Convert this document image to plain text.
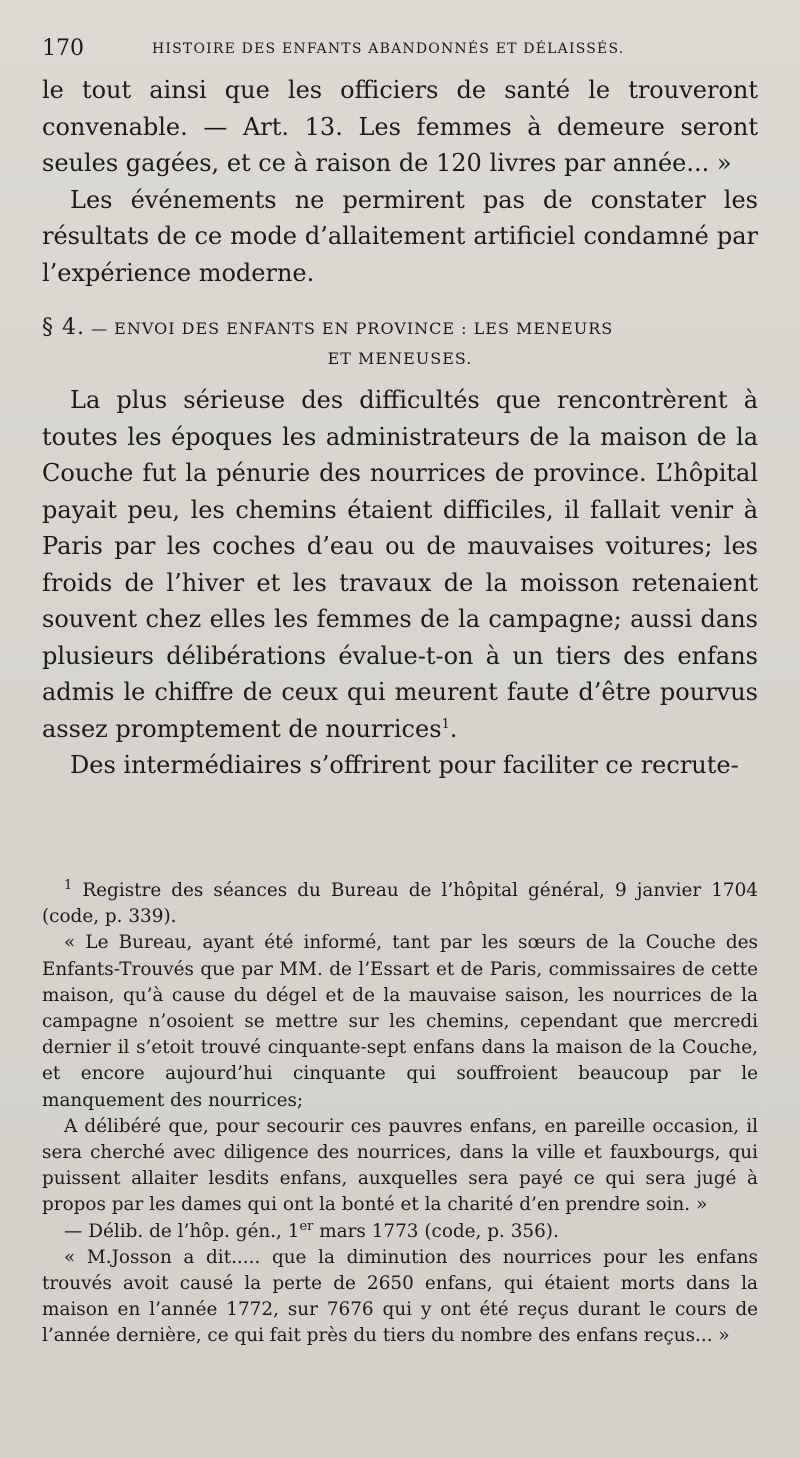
170	HISTOIRE DES ENFANTS ABANDONNÉS ET DÉLAISSÉS.

le tout ainsi que les officiers de santé le trouveront convenable. — Art. 13. Les femmes à demeure seront seules gagées, et ce à raison de 120 livres par année... »

Les événements ne permirent pas de constater les résultats de ce mode d’allaitement artificiel condamné par l’expérience moderne.

§ 4. — ENVOI DES ENFANTS EN PROVINCE : LES MENEURS
ET MENEUSES.

La plus sérieuse des difficultés que rencontrèrent à toutes les époques les administrateurs de la maison de la Couche fut la pénurie des nourrices de province. L’hôpital payait peu, les chemins étaient difficiles, il fallait venir à Paris par les coches d’eau ou de mauvaises voitures; les froids de l’hiver et les travaux de la moisson retenaient souvent chez elles les femmes de la campagne; aussi dans plusieurs délibérations évalue-t-on à un tiers des enfans admis le chiffre de ceux qui meurent faute d’être pourvus assez promptement de nourrices$^1$.

Des intermédiaires s’offrirent pour faciliter ce recrute-

$^1$ Registre des séances du Bureau de l’hôpital général, 9 janvier 1704 (code, p. 339).

« Le Bureau, ayant été informé, tant par les sœurs de la Couche des Enfants-Trouvés que par MM. de l’Essart et de Paris, commissaires de cette maison, qu’à cause du dégel et de la mauvaise saison, les nourrices de la campagne n’osoient se mettre sur les chemins, cependant que mercredi dernier il s’etoit trouvé cinquante-sept enfans dans la maison de la Couche, et encore aujourd’hui cinquante qui souffroient beaucoup par le manquement des nourrices;

A délibéré que, pour secourir ces pauvres enfans, en pareille occasion, il sera cherché avec diligence des nourrices, dans la ville et fauxbourgs, qui puissent allaiter lesdits enfans, auxquelles sera payé ce qui sera jugé à propos par les dames qui ont la bonté et la charité d’en prendre soin. »

— Délib. de l’hôp. gén., 1er mars 1773 (code, p. 356).

« M.Josson a dit..... que la diminution des nourrices pour les enfans trouvés avoit causé la perte de 2650 enfans, qui étaient morts dans la maison en l’année 1772, sur 7676 qui y ont été reçus durant le cours de l’année dernière, ce qui fait près du tiers du nombre des enfans reçus... »
